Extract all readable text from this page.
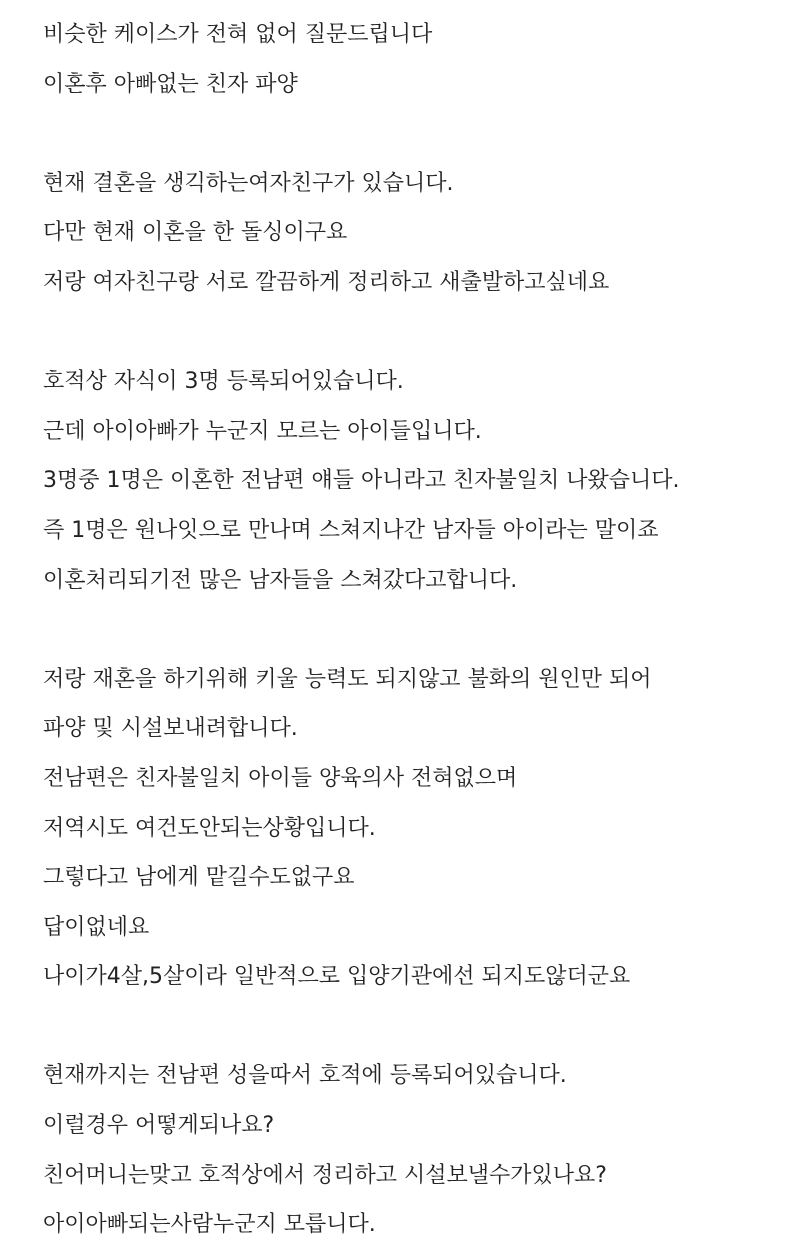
비슷한 케이스가 전혀 없어 질문드립니다
이혼후 아빠없는 친자 파양
현재 결혼을 생긱하는여자친구가 있습니다.
다만 현재 이혼을 한 돌싱이구요
저랑 여자친구랑 서로 깔끔하게 정리하고 새출발하고싶네요
호적상 자식이 3명 등록되어있습니다.
근데 아이아빠가 누군지 모르는 아이들입니다.
3명중 1명은 이혼한 전남편 얘들 아니라고 친자불일치 나왔습니다.
즉 1명은 원나잇으로 만나며 스쳐지나간 남자들 아이라는 말이죠
이혼처리되기전 많은 남자들을 스쳐갔다고합니다.
저랑 재혼을 하기위해 키울 능력도 되지않고 불화의 원인만 되어
파양 및 시설보내려합니다.
전남편은 친자불일치 아이들 양육의사 전혀없으며
저역시도 여건도안되는상황입니다.
그렇다고 남에게 맡길수도없구요
답이없네요
나이가4살,5살이라 일반적으로 입양기관에선 되지도않더군요
현재까지는 전남편 성을따서 호적에 등록되어있습니다.
이럴경우 어떻게되나요?
친어머니는맞고 호적상에서 정리하고 시설보낼수가있나요?
아이아빠되는사람누군지 모릅니다.
